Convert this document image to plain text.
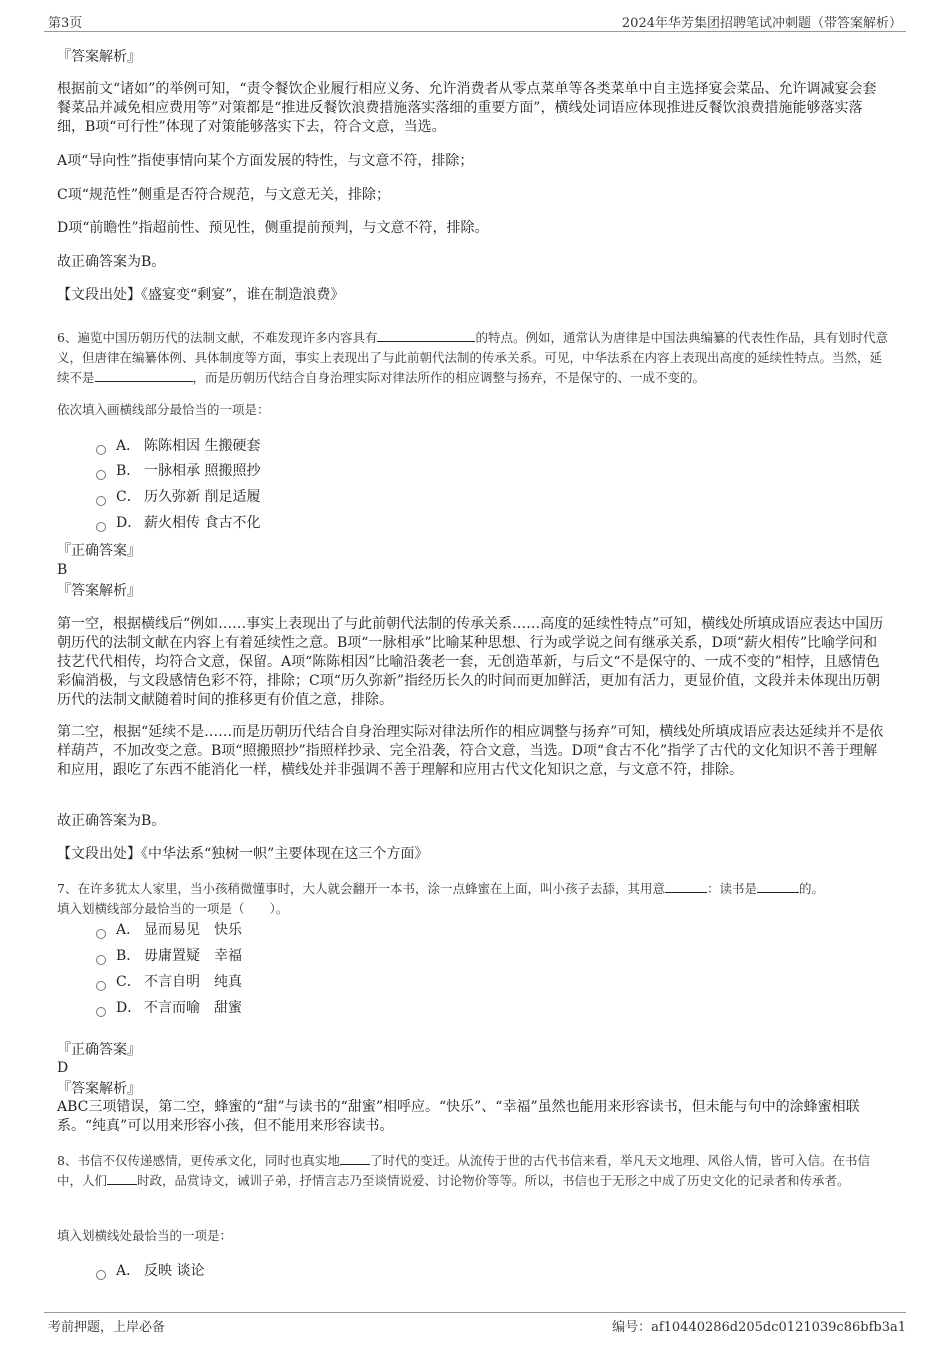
第3页	2024年华芳集团招聘笔试冲刺题（带答案解析）
『答案解析』
根据前文“诸如”的举例可知，“责令餐饮企业履行相应义务、允许消费者从零点菜单等各类菜单中自主选择宴会菜品、允许调减宴会套餐菜品并减免相应费用等”对策都是“推进反餐饮浪费措施落实落细的重要方面”，横线处词语应体现推进反餐饮浪费措施能够落实落细，B项“可行性”体现了对策能够落实下去，符合文意，当选。
A项“导向性”指使事情向某个方面发展的特性，与文意不符，排除；
C项“规范性”侧重是否符合规范，与文意无关，排除；
D项“前瞻性”指超前性、预见性，侧重提前预判，与文意不符，排除。
故正确答案为B。
【文段出处】《盛宴变“剩宴”，谁在制造浪费》
6、遍览中国历朝历代的法制文献，不难发现许多内容具有	的特点。例如，通常认为唐律是中国法典编纂的代表性作品，具有划时代意义，但唐律在编纂体例、具体制度等方面，事实上表现出了与此前朝代法制的传承关系。可见，中华法系在内容上表现出高度的延续性特点。当然，延续不是	，而是历朝历代结合自身治理实际对律法所作的相应调整与扬弃，不是保守的、一成不变的。
依次填入画横线部分最恰当的一项是：
A． 陈陈相因 生搬硬套
B． 一脉相承 照搬照抄
C． 历久弥新 削足适履
D． 薪火相传 食古不化
『正确答案』
B
『答案解析』
第一空，根据横线后“例如……事实上表现出了与此前朝代法制的传承关系……高度的延续性特点”可知，横线处所填成语应表达中国历朝历代的法制文献在内容上有着延续性之意。B项“一脉相承”比喻某种思想、行为或学说之间有继承关系，D项“薪火相传”比喻学问和技艺代代相传，均符合文意，保留。A项“陈陈相因”比喻沿袭老一套，无创造革新，与后文“不是保守的、一成不变的”相悖，且感情色彩偏消极，与文段感情色彩不符，排除；C项“历久弥新”指经历长久的时间而更加鲜活，更加有活力，更显价值，文段并未体现出历朝历代的法制文献随着时间的推移更有价值之意，排除。
第二空，根据“延续不是……而是历朝历代结合自身治理实际对律法所作的相应调整与扬弃”可知，横线处所填成语应表达延续并不是依样葫芦，不加改变之意。B项“照搬照抄”指照样抄录、完全沿袭，符合文意，当选。D项“食古不化”指学了古代的文化知识不善于理解和应用，跟吃了东西不能消化一样，横线处并非强调不善于理解和应用古代文化知识之意，与文意不符，排除。
故正确答案为B。
【文段出处】《中华法系“独树一帜”主要体现在这三个方面》
7、在许多犹太人家里，当小孩稍微懂事时，大人就会翻开一本书，涂一点蜂蜜在上面，叫小孩子去舔，其用意	：读书是	的。
填入划横线部分最恰当的一项是（　　）。
A． 显而易见　快乐
B． 毋庸置疑　幸福
C． 不言自明　纯真
D． 不言而喻　甜蜜
『正确答案』
D
『答案解析』
ABC三项错误，第二空，蜂蜜的“甜”与读书的“甜蜜”相呼应。“快乐”、“幸福”虽然也能用来形容读书，但未能与句中的涂蜂蜜相联系。“纯真”可以用来形容小孩，但不能用来形容读书。
8、书信不仅传递感情，更传承文化，同时也真实地 了时代的变迁。从流传于世的古代书信来看，举凡天文地理、风俗人情，皆可入信。在书信中，人们 时政，品赏诗文，诫训子弟，抒情言志乃至谈情说爱、讨论物价等等。所以，书信也于无形之中成了历史文化的记录者和传承者。
填入划横线处最恰当的一项是：
A． 反映 谈论
考前押题，上岸必备	编号：af10440286d205dc0121039c86bfb3a1
